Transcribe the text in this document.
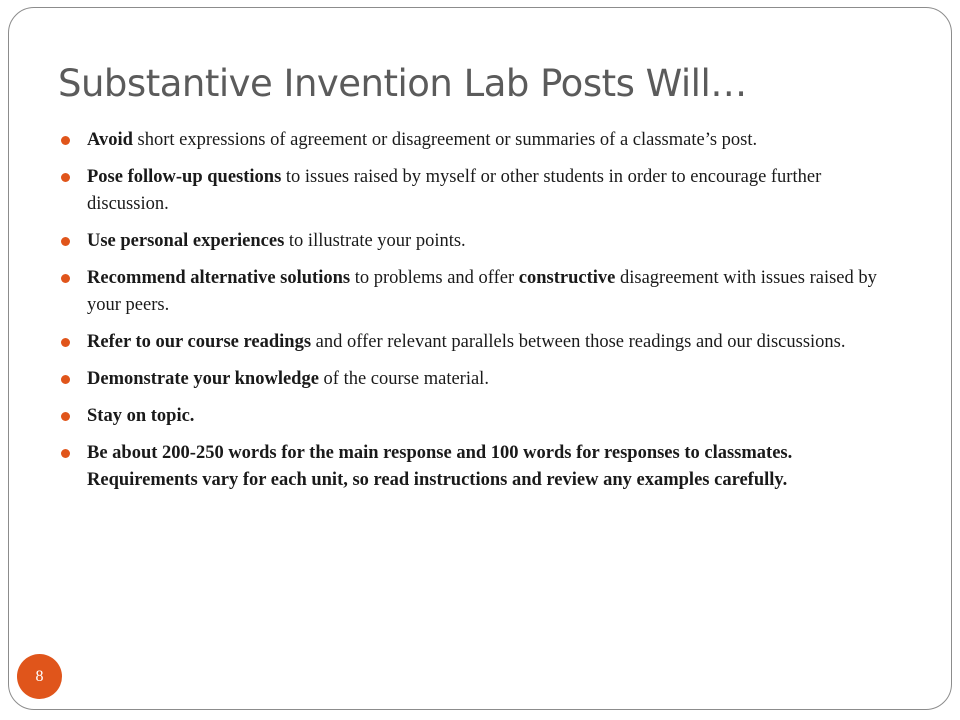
Substantive Invention Lab Posts Will…
Avoid short expressions of agreement or disagreement or summaries of a classmate’s post.
Pose follow-up questions to issues raised by myself or other students in order to encourage further discussion.
Use personal experiences to illustrate your points.
Recommend alternative solutions to problems and offer constructive disagreement with issues raised by your peers.
Refer to our course readings and offer relevant parallels between those readings and our discussions.
Demonstrate your knowledge of the course material.
Stay on topic.
Be about 200-250 words for the main response and 100 words for responses to classmates. Requirements vary for each unit, so read instructions and review any examples carefully.
8
